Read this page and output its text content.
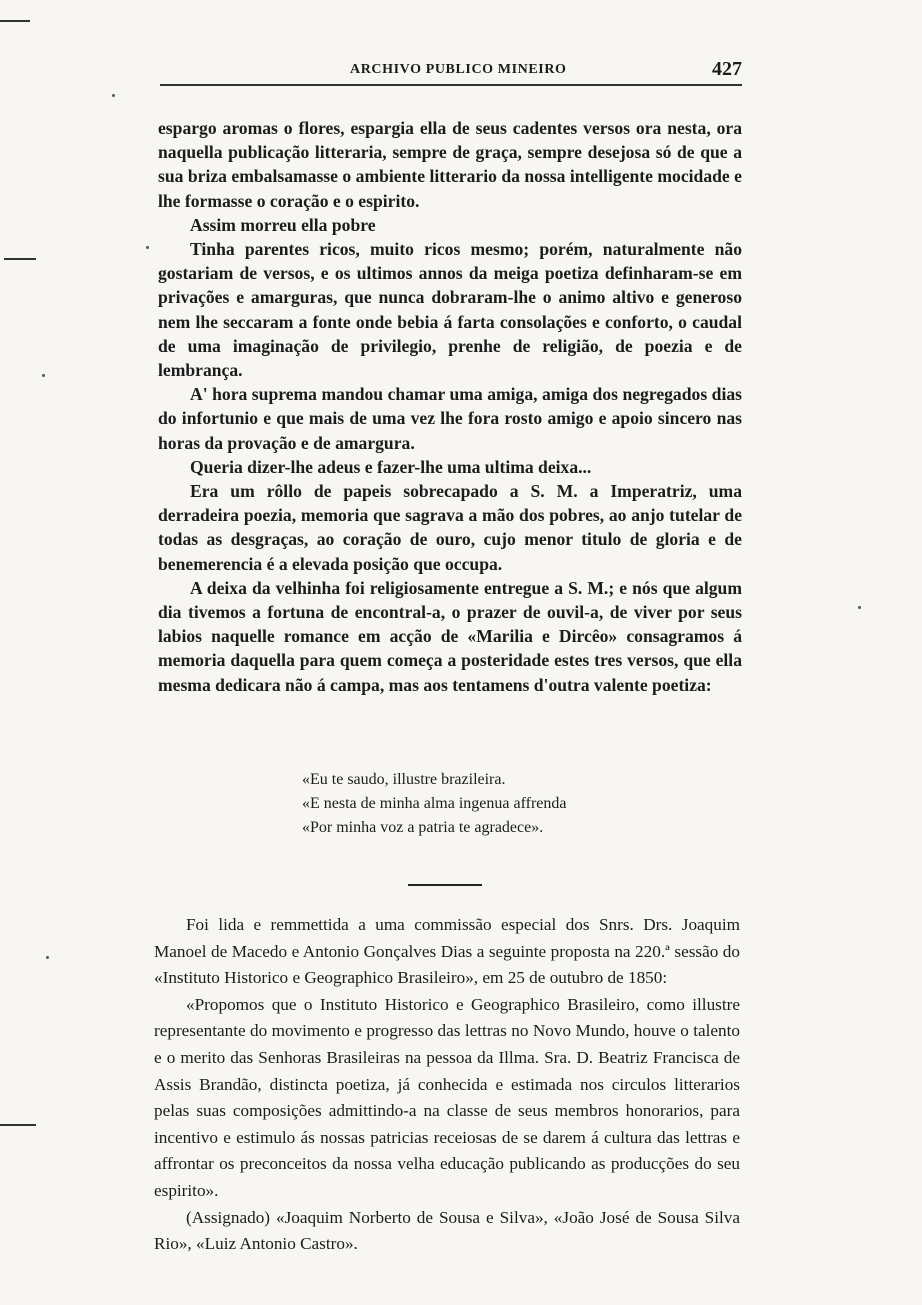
ARCHIVO PUBLICO MINEIRO	427

espargo aromas o flores, espargia ella de seus cadentes versos ora nesta, ora naquella publicação litteraria, sempre de graça, sempre desejosa só de que a sua briza embalsamasse o ambiente litterario da nossa intelligente mocidade e lhe formasse o coração e o espirito.

Assim morreu ella pobre

Tinha parentes ricos, muito ricos mesmo; porém, naturalmente não gostariam de versos, e os ultimos annos da meiga poetiza definharam-se em privações e amarguras, que nunca dobraram-lhe o animo altivo e generoso nem lhe seccaram a fonte onde bebia á farta consolações e conforto, o caudal de uma imaginação de privilegio, prenhe de religião, de poezia e de lembrança.

A' hora suprema mandou chamar uma amiga, amiga dos negregados dias do infortunio e que mais de uma vez lhe fora rosto amigo e apoio sincero nas horas da provação e de amargura.

Queria dizer-lhe adeus e fazer-lhe uma ultima deixa...

Era um rôllo de papeis sobrecapado a S. M. a Imperatriz, uma derradeira poezia, memoria que sagrava a mão dos pobres, ao anjo tutelar de todas as desgraças, ao coração de ouro, cujo menor titulo de gloria e de benemerencia é a elevada posição que occupa.

A deixa da velhinha foi religiosamente entregue a S. M.; e nós que algum dia tivemos a fortuna de encontral-a, o prazer de ouvil-a, de viver por seus labios naquelle romance em acção de «Marilia e Dircêo» consagramos á memoria daquella para quem começa a posteridade estes tres versos, que ella mesma dedicara não á campa, mas aos tentamens d'outra valente poetiza:

«Eu te saudo, illustre brazileira.
«E nesta de minha alma ingenua affrenda
«Por minha voz a patria te agradece».

Foi lida e remmettida a uma commissão especial dos Snrs. Drs. Joaquim Manoel de Macedo e Antonio Gonçalves Dias a seguinte proposta na 220.ª sessão do «Instituto Historico e Geographico Brasileiro», em 25 de outubro de 1850:

«Propomos que o Instituto Historico e Geographico Brasileiro, como illustre representante do movimento e progresso das lettras no Novo Mundo, houve o talento e o merito das Senhoras Brasileiras na pessoa da Illma. Sra. D. Beatriz Francisca de Assis Brandão, distincta poetiza, já conhecida e estimada nos circulos litterarios pelas suas composições admittindo-a na classe de seus membros honorarios, para incentivo e estimulo ás nossas patricias receiosas de se darem á cultura das lettras e affrontar os preconceitos da nossa velha educação publicando as producções do seu espirito».

(Assignado) «Joaquim Norberto de Sousa e Silva», «João José de Sousa Silva Rio», «Luiz Antonio Castro».
